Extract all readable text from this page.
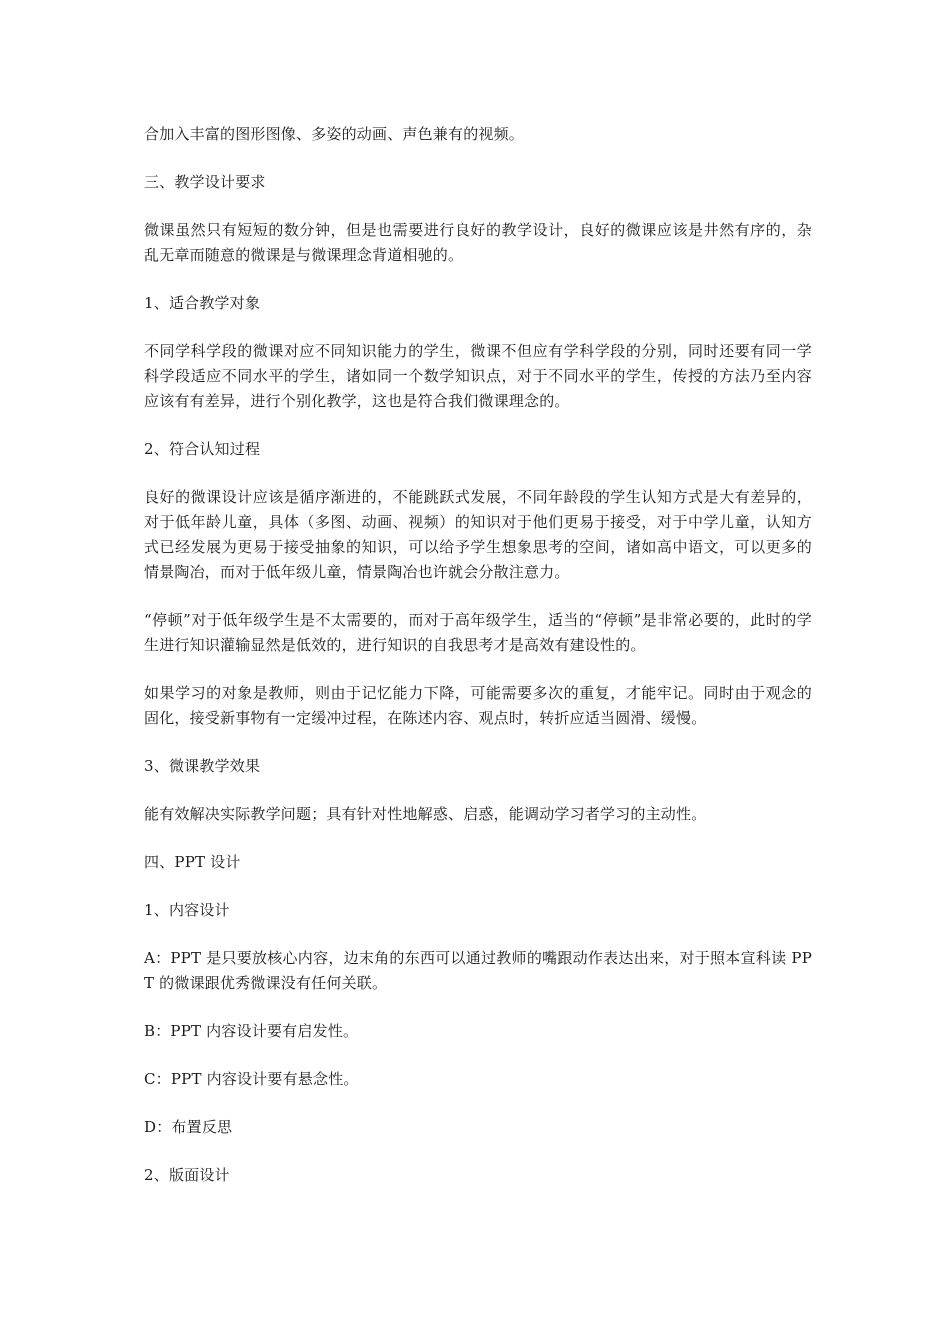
合加入丰富的图形图像、多姿的动画、声色兼有的视频。

三、教学设计要求

微课虽然只有短短的数分钟，但是也需要进行良好的教学设计，良好的微课应该是井然有序的，杂乱无章而随意的微课是与微课理念背道相驰的。

1、适合教学对象

不同学科学段的微课对应不同知识能力的学生，微课不但应有学科学段的分别，同时还要有同一学科学段适应不同水平的学生，诸如同一个数学知识点，对于不同水平的学生，传授的方法乃至内容应该有有差异，进行个别化教学，这也是符合我们微课理念的。

2、符合认知过程

良好的微课设计应该是循序渐进的，不能跳跃式发展，不同年龄段的学生认知方式是大有差异的，对于低年龄儿童，具体（多图、动画、视频）的知识对于他们更易于接受，对于中学儿童，认知方式已经发展为更易于接受抽象的知识，可以给予学生想象思考的空间，诸如高中语文，可以更多的情景陶冶，而对于低年级儿童，情景陶冶也许就会分散注意力。

“停顿”对于低年级学生是不太需要的，而对于高年级学生，适当的“停顿”是非常必要的，此时的学生进行知识灌输显然是低效的，进行知识的自我思考才是高效有建设性的。

如果学习的对象是教师，则由于记忆能力下降，可能需要多次的重复，才能牢记。同时由于观念的固化，接受新事物有一定缓冲过程，在陈述内容、观点时，转折应适当圆滑、缓慢。

3、微课教学效果

能有效解决实际教学问题；具有针对性地解惑、启惑，能调动学习者学习的主动性。

四、PPT 设计

1、内容设计

A：PPT 是只要放核心内容，边末角的东西可以通过教师的嘴跟动作表达出来，对于照本宣科读 PPT 的微课跟优秀微课没有任何关联。

B：PPT 内容设计要有启发性。

C：PPT 内容设计要有悬念性。

D：布置反思

2、版面设计
